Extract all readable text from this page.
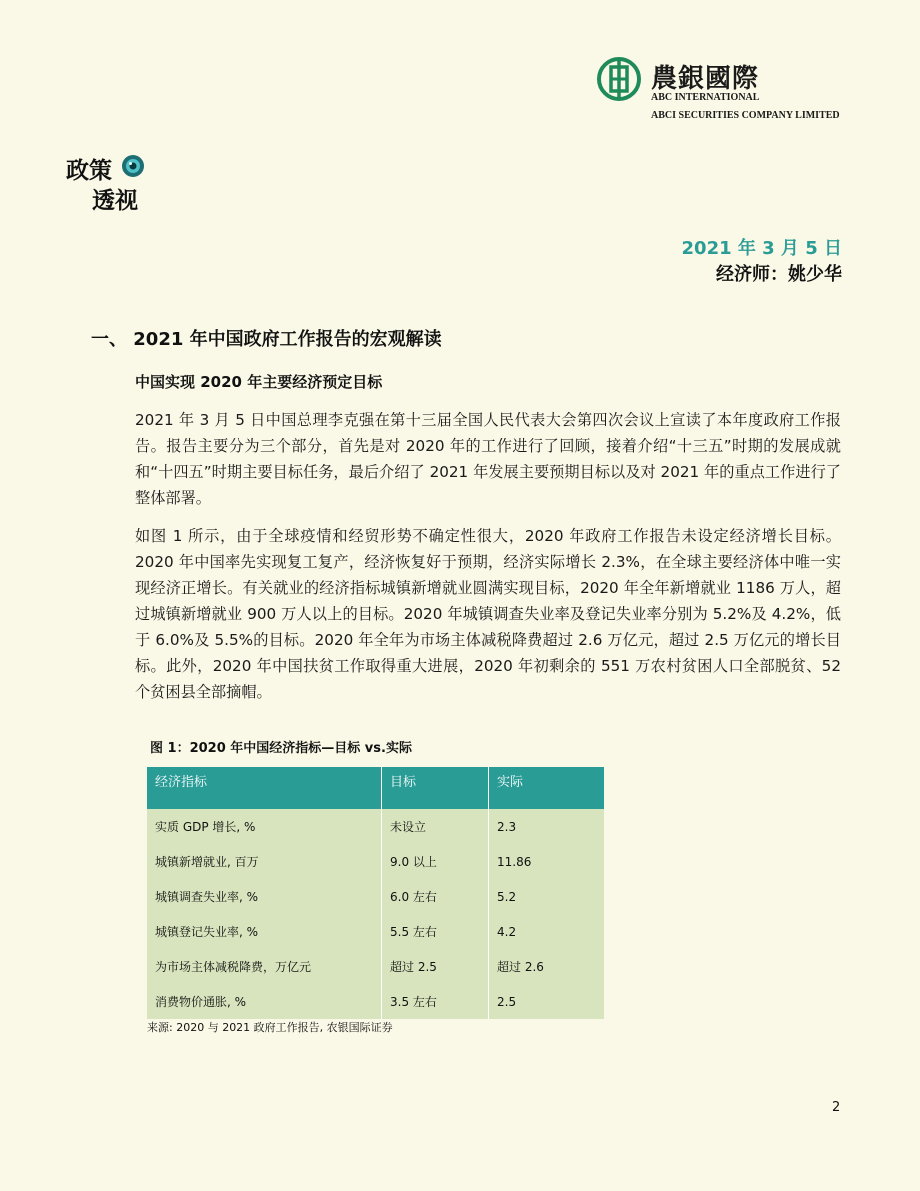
農銀國際
ABC INTERNATIONAL
ABCI SECURITIES COMPANY LIMITED
政策
透视
2021 年 3 月 5 日
经济师：姚少华
一、 2021 年中国政府工作报告的宏观解读
中国实现 2020 年主要经济预定目标

2021 年 3 月 5 日中国总理李克强在第十三届全国人民代表大会第四次会议上宣读了本年度政府工作报告。报告主要分为三个部分，首先是对 2020 年的工作进行了回顾，接着介绍“十三五”时期的发展成就和“十四五”时期主要目标任务，最后介绍了 2021 年发展主要预期目标以及对 2021 年的重点工作进行了整体部署。

如图 1 所示，由于全球疫情和经贸形势不确定性很大，2020 年政府工作报告未设定经济增长目标。2020 年中国率先实现复工复产，经济恢复好于预期，经济实际增长 2.3%，在全球主要经济体中唯一实现经济正增长。有关就业的经济指标城镇新增就业圆满实现目标，2020 年全年新增就业 1186 万人，超过城镇新增就业 900 万人以上的目标。2020 年城镇调查失业率及登记失业率分别为 5.2%及 4.2%，低于 6.0%及 5.5%的目标。2020 年全年为市场主体减税降费超过 2.6 万亿元，超过 2.5 万亿元的增长目标。此外，2020 年中国扶贫工作取得重大进展，2020 年初剩余的 551 万农村贫困人口全部脱贫、52 个贫困县全部摘帽。

图 1：2020 年中国经济指标—目标 vs.实际
经济指标	目标	实际
实质 GDP 增长, %	未设立	2.3
城镇新增就业, 百万	9.0 以上	11.86
城镇调查失业率, %	6.0 左右	5.2
城镇登记失业率, %	5.5 左右	4.2
为市场主体减税降费，万亿元	超过 2.5	超过 2.6
消费物价通胀, %	3.5 左右	2.5
来源: 2020 与 2021 政府工作报告, 农银国际证券
2
